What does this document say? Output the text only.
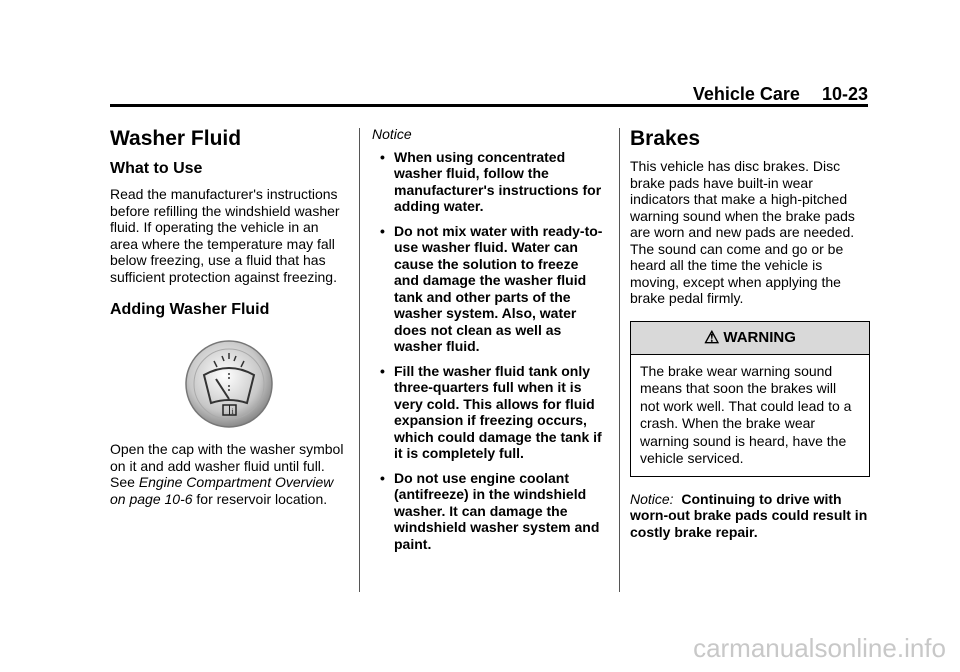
Vehicle Care 10-23
Washer Fluid
What to Use

Read the manufacturer's instructions before refilling the windshield washer fluid. If operating the vehicle in an area where the temperature may fall below freezing, use a fluid that has sufficient protection against freezing.

Adding Washer Fluid
i

Open the cap with the washer symbol on it and add washer fluid until full. See Engine Compartment Overview on page 10-6 for reservoir location.

Notice
• When using concentrated washer fluid, follow the manufacturer's instructions for adding water.
• Do not mix water with ready-to-use washer fluid. Water can cause the solution to freeze and damage the washer fluid tank and other parts of the washer system. Also, water does not clean as well as washer fluid.
• Fill the washer fluid tank only three-quarters full when it is very cold. This allows for fluid expansion if freezing occurs, which could damage the tank if it is completely full.
• Do not use engine coolant (antifreeze) in the windshield washer. It can damage the windshield washer system and paint.
Brakes

This vehicle has disc brakes. Disc brake pads have built-in wear indicators that make a high-pitched warning sound when the brake pads are worn and new pads are needed. The sound can come and go or be heard all the time the vehicle is moving, except when applying the brake pedal firmly.

⚠ WARNING
The brake wear warning sound means that soon the brakes will not work well. That could lead to a crash. When the brake wear warning sound is heard, have the vehicle serviced.
Notice: Continuing to drive with worn-out brake pads could result in costly brake repair.
carmanualsonline.info
